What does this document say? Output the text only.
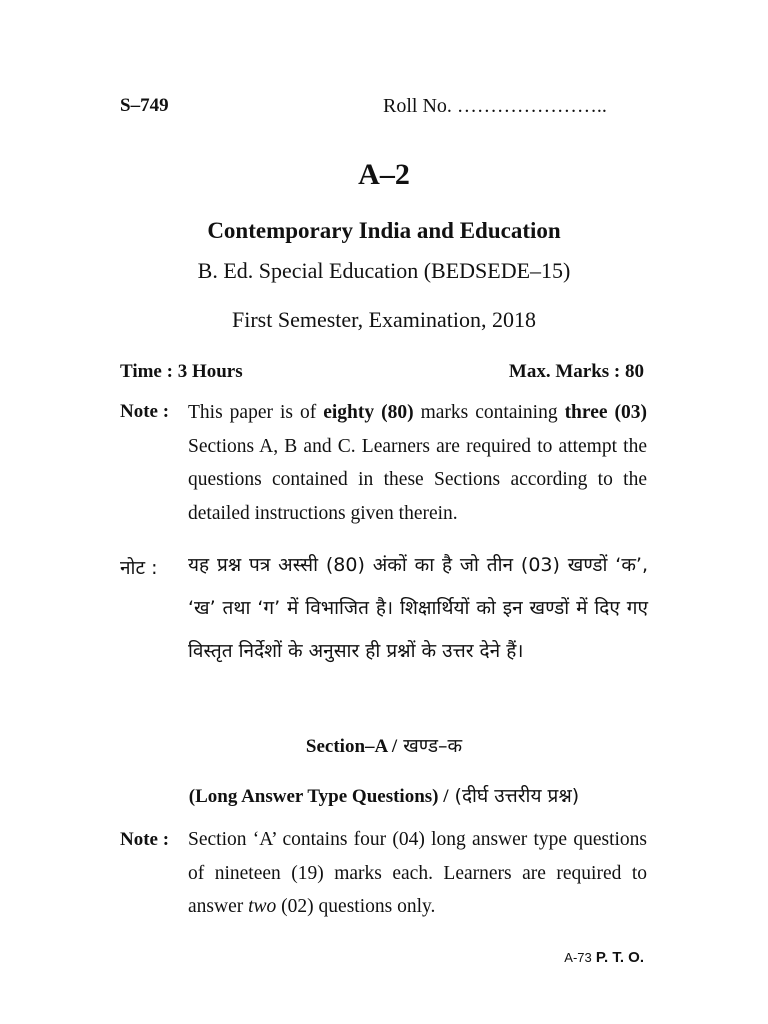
S–749	Roll No. …………………..
A–2
Contemporary India and Education
B. Ed. Special Education (BEDSEDE–15)
First Semester, Examination, 2018
Time : 3 Hours	Max. Marks : 80
Note : This paper is of eighty (80) marks containing three (03) Sections A, B and C. Learners are required to attempt the questions contained in these Sections according to the detailed instructions given therein.
नोट : यह प्रश्न पत्र अस्सी (80) अंकों का है जो तीन (03) खण्डों ‘क’, ‘ख’ तथा ‘ग’ में विभाजित है। शिक्षार्थियों को इन खण्डों में दिए गए विस्तृत निर्देशों के अनुसार ही प्रश्नों के उत्तर देने हैं।
Section–A / खण्ड–क
(Long Answer Type Questions) / (दीर्घ उत्तरीय प्रश्न)
Note : Section ‘A’ contains four (04) long answer type questions of nineteen (19) marks each. Learners are required to answer two (02) questions only.
A-73 P. T. O.
